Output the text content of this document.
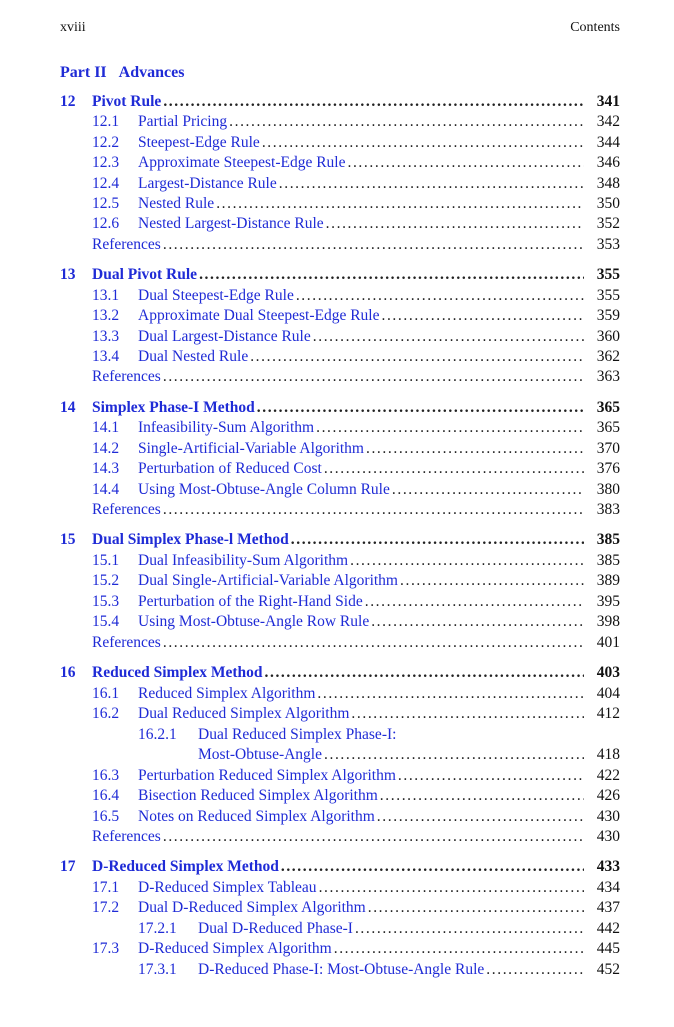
xviii	Contents
Part II Advances
12 Pivot Rule .....	341
12.1 Partial Pricing .....	342
12.2 Steepest-Edge Rule .....	344
12.3 Approximate Steepest-Edge Rule .....	346
12.4 Largest-Distance Rule .....	348
12.5 Nested Rule .....	350
12.6 Nested Largest-Distance Rule .....	352
References .....	353
13 Dual Pivot Rule .....	355
13.1 Dual Steepest-Edge Rule .....	355
13.2 Approximate Dual Steepest-Edge Rule .....	359
13.3 Dual Largest-Distance Rule .....	360
13.4 Dual Nested Rule .....	362
References .....	363
14 Simplex Phase-I Method .....	365
14.1 Infeasibility-Sum Algorithm .....	365
14.2 Single-Artificial-Variable Algorithm .....	370
14.3 Perturbation of Reduced Cost .....	376
14.4 Using Most-Obtuse-Angle Column Rule .....	380
References .....	383
15 Dual Simplex Phase-l Method .....	385
15.1 Dual Infeasibility-Sum Algorithm .....	385
15.2 Dual Single-Artificial-Variable Algorithm .....	389
15.3 Perturbation of the Right-Hand Side .....	395
15.4 Using Most-Obtuse-Angle Row Rule .....	398
References .....	401
16 Reduced Simplex Method .....	403
16.1 Reduced Simplex Algorithm .....	404
16.2 Dual Reduced Simplex Algorithm .....	412
16.2.1 Dual Reduced Simplex Phase-I:
Most-Obtuse-Angle .....	418
16.3 Perturbation Reduced Simplex Algorithm .....	422
16.4 Bisection Reduced Simplex Algorithm .....	426
16.5 Notes on Reduced Simplex Algorithm .....	430
References .....	430
17 D-Reduced Simplex Method .....	433
17.1 D-Reduced Simplex Tableau .....	434
17.2 Dual D-Reduced Simplex Algorithm .....	437
17.2.1 Dual D-Reduced Phase-I .....	442
17.3 D-Reduced Simplex Algorithm .....	445
17.3.1 D-Reduced Phase-I: Most-Obtuse-Angle Rule .....	452
